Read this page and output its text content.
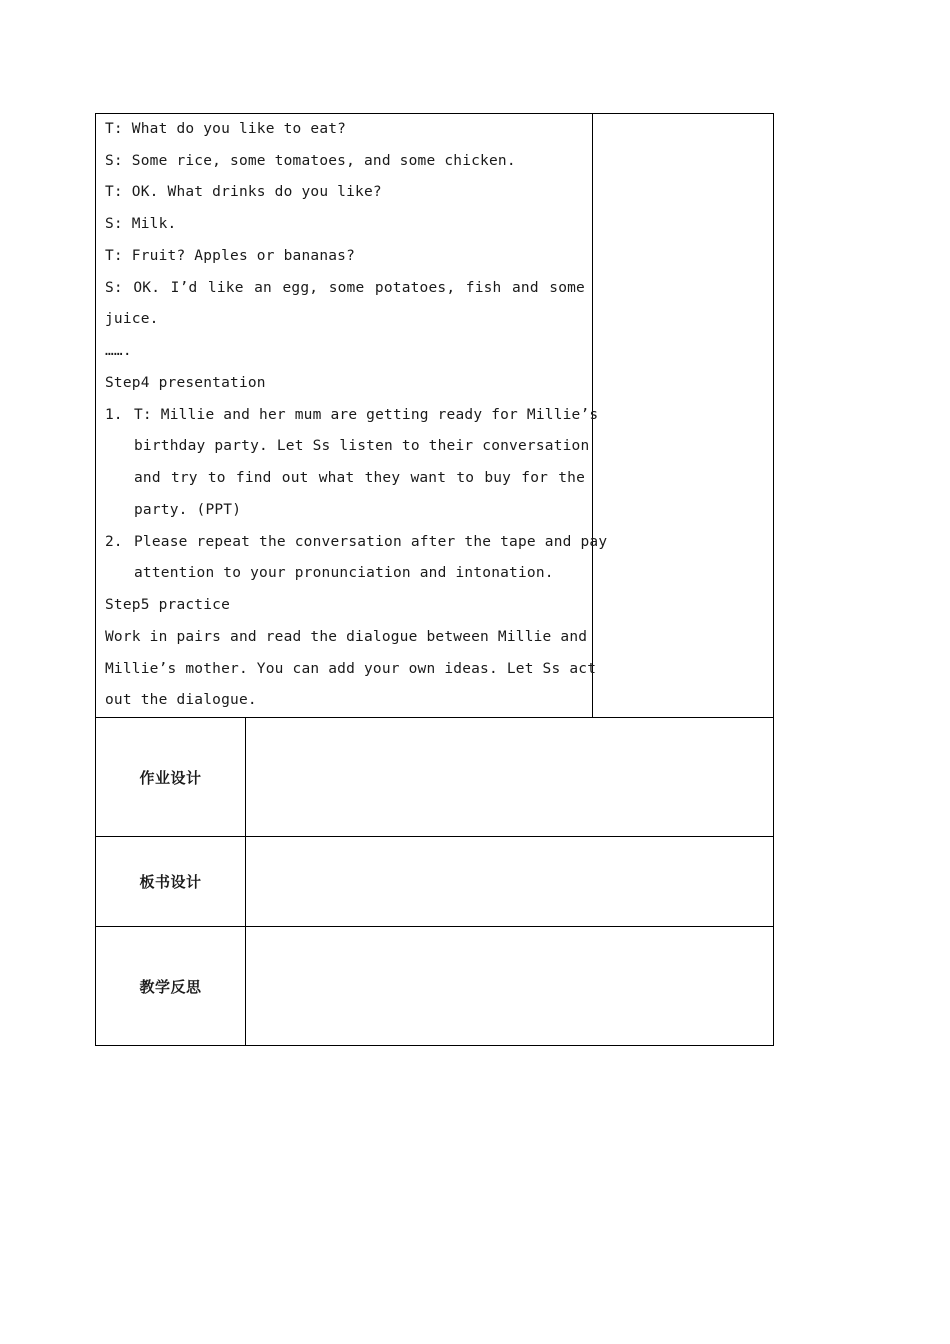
T: What do you like to eat?
S: Some rice, some tomatoes, and some chicken.
T: OK. What drinks do you like?
S: Milk.
T: Fruit? Apples or bananas?
S: OK. I’d like an egg, some potatoes, fish and some
juice.
…….
Step4 presentation
1. T: Millie and her mum are getting ready for Millie’s
birthday party. Let Ss listen to their conversation
and try to find out what they want to buy for the
party. (PPT)
2. Please repeat the conversation after the tape and pay
attention to your pronunciation and intonation.
Step5 practice
Work in pairs and read the dialogue between Millie and
Millie’s mother. You can add your own ideas. Let Ss act
out the dialogue.
作业设计
板书设计
教学反思
